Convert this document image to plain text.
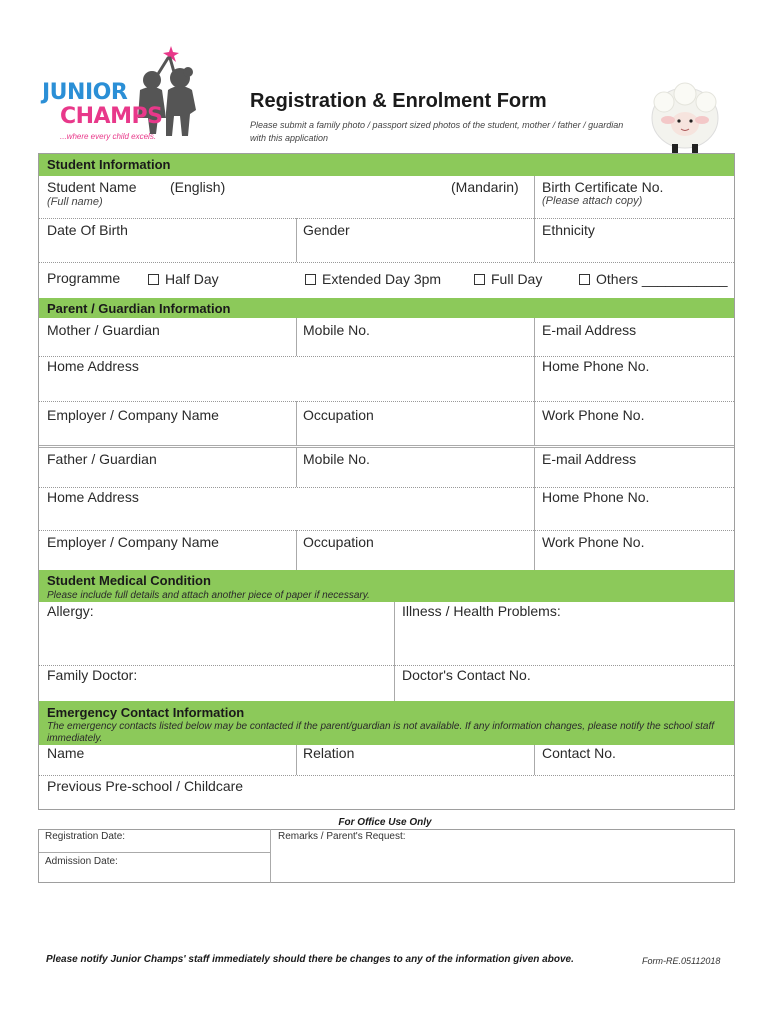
JUNIOR
CHAMPS
...where every child excels.
Registration & Enrolment Form
Please submit a family photo / passport sized photos of the student, mother / father / guardian with this application
Student Information
Student Name (English)	(Mandarin)
(Full name)
Birth Certificate No.
(Please attach copy)
Date Of Birth	Gender	Ethnicity
Programme	Half Day	Extended Day 3pm	Full Day	Others ___________
Parent / Guardian Information
Mother / Guardian	Mobile No.	E-mail Address
Home Address	Home Phone No.
Employer / Company Name	Occupation	Work Phone No.
Father / Guardian	Mobile No.	E-mail Address
Home Address	Home Phone No.
Employer / Company Name	Occupation	Work Phone No.
Student Medical Condition
Please include full details and attach another piece of paper if necessary.
Allergy:	Illness / Health Problems:
Family Doctor:	Doctor's Contact No.
Emergency Contact Information
The emergency contacts listed below may be contacted if the parent/guardian is not available. If any information changes, please notify the school staff immediately.
Name	Relation	Contact No.
Previous Pre-school / Childcare
For Office Use Only
Registration Date:	Remarks / Parent's Request:
Admission Date:
Please notify Junior Champs' staff immediately should there be changes to any of the information given above.	Form-RE.05112018
